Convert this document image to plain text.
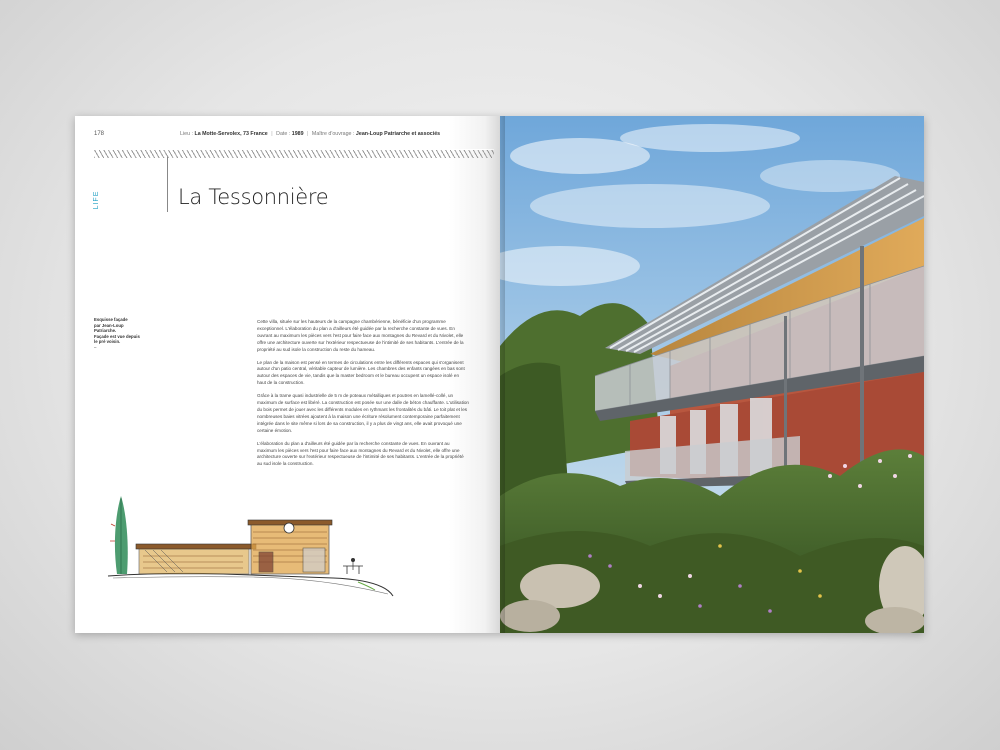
178	Lieu : La Motte-Servolex, 73 France | Date : 1989 | Maître d'ouvrage : Jean-Loup Patriarche et associés
LIFE	La Tessonnière
Esquisse façade
par Jean-Loup Patriarche.
Façade est vue depuis
le pré voisin.
–

Cette villa, située sur les hauteurs de la campagne chambérienne, bénéficie d'un programme exceptionnel. L'élaboration du plan a d'ailleurs été guidée par la recherche constante de vues. En ouvrant au maximum les pièces vers l'est pour faire face aux montagnes du Revard et du Nivolet, elle offre une architecture ouverte sur l'extérieur respectueuse de l'intimité de ses habitants. L'entrée de la propriété au sud isole la construction du reste du hameau.

Le plan de la maison est pensé en termes de circulations entre les différents espaces qui s'organisent autour d'un patio central, véritable capteur de lumière. Les chambres des enfants rangées en bas sont autour des espaces de vie, tandis que la master bedroom et le bureau occupent un espace isolé en haut de la construction.

Grâce à la trame quasi industrielle de 5 m de poteaux métalliques et poutres en lamellé-collé, un maximum de surface est libéré. La construction est posée sur une dalle de béton chauffante. L'utilisation du bois permet de jouer avec les différents modules en rythmant les frontalités du bâti. Le toit plat et les nombreuses baies vitrées ajoutent à la maison une écriture résolument contemporaine parfaitement intégrée dans le site même si lors de sa construction, il y a plus de vingt ans, elle avait provoqué une certaine émotion.

L'élaboration du plan a d'ailleurs été guidée par la recherche constante de vues. En ouvrant au maximum les pièces vers l'est pour faire face aux montagnes du Revard et du Nivolet, elle offre une architecture ouverte sur l'extérieur respectueuse de l'intimité de ses habitants. L'entrée de la propriété au sud isole la construction.
